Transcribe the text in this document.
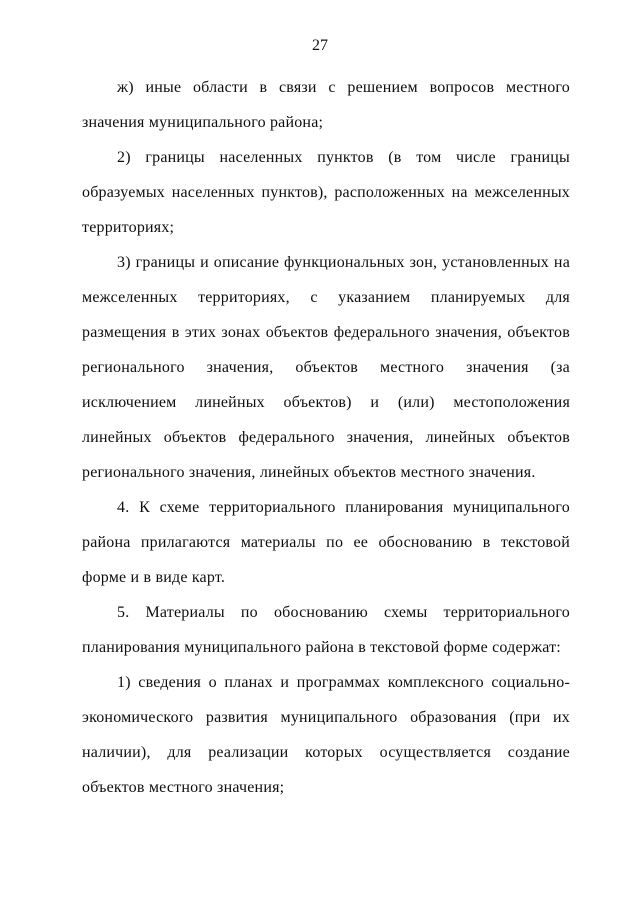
27

ж) иные области в связи с решением вопросов местного значения муниципального района;

2) границы населенных пунктов (в том числе границы образуемых населенных пунктов), расположенных на межселенных территориях;

3) границы и описание функциональных зон, установленных на межселенных территориях, с указанием планируемых для размещения в этих зонах объектов федерального значения, объектов регионального значения, объектов местного значения (за исключением линейных объектов) и (или) местоположения линейных объектов федерального значения, линейных объектов регионального значения, линейных объектов местного значения.

4. К схеме территориального планирования муниципального района прилагаются материалы по ее обоснованию в текстовой форме и в виде карт.

5. Материалы по обоснованию схемы территориального планирования муниципального района в текстовой форме содержат:

1) сведения о планах и программах комплексного социально-экономического развития муниципального образования (при их наличии), для реализации которых осуществляется создание объектов местного значения;
